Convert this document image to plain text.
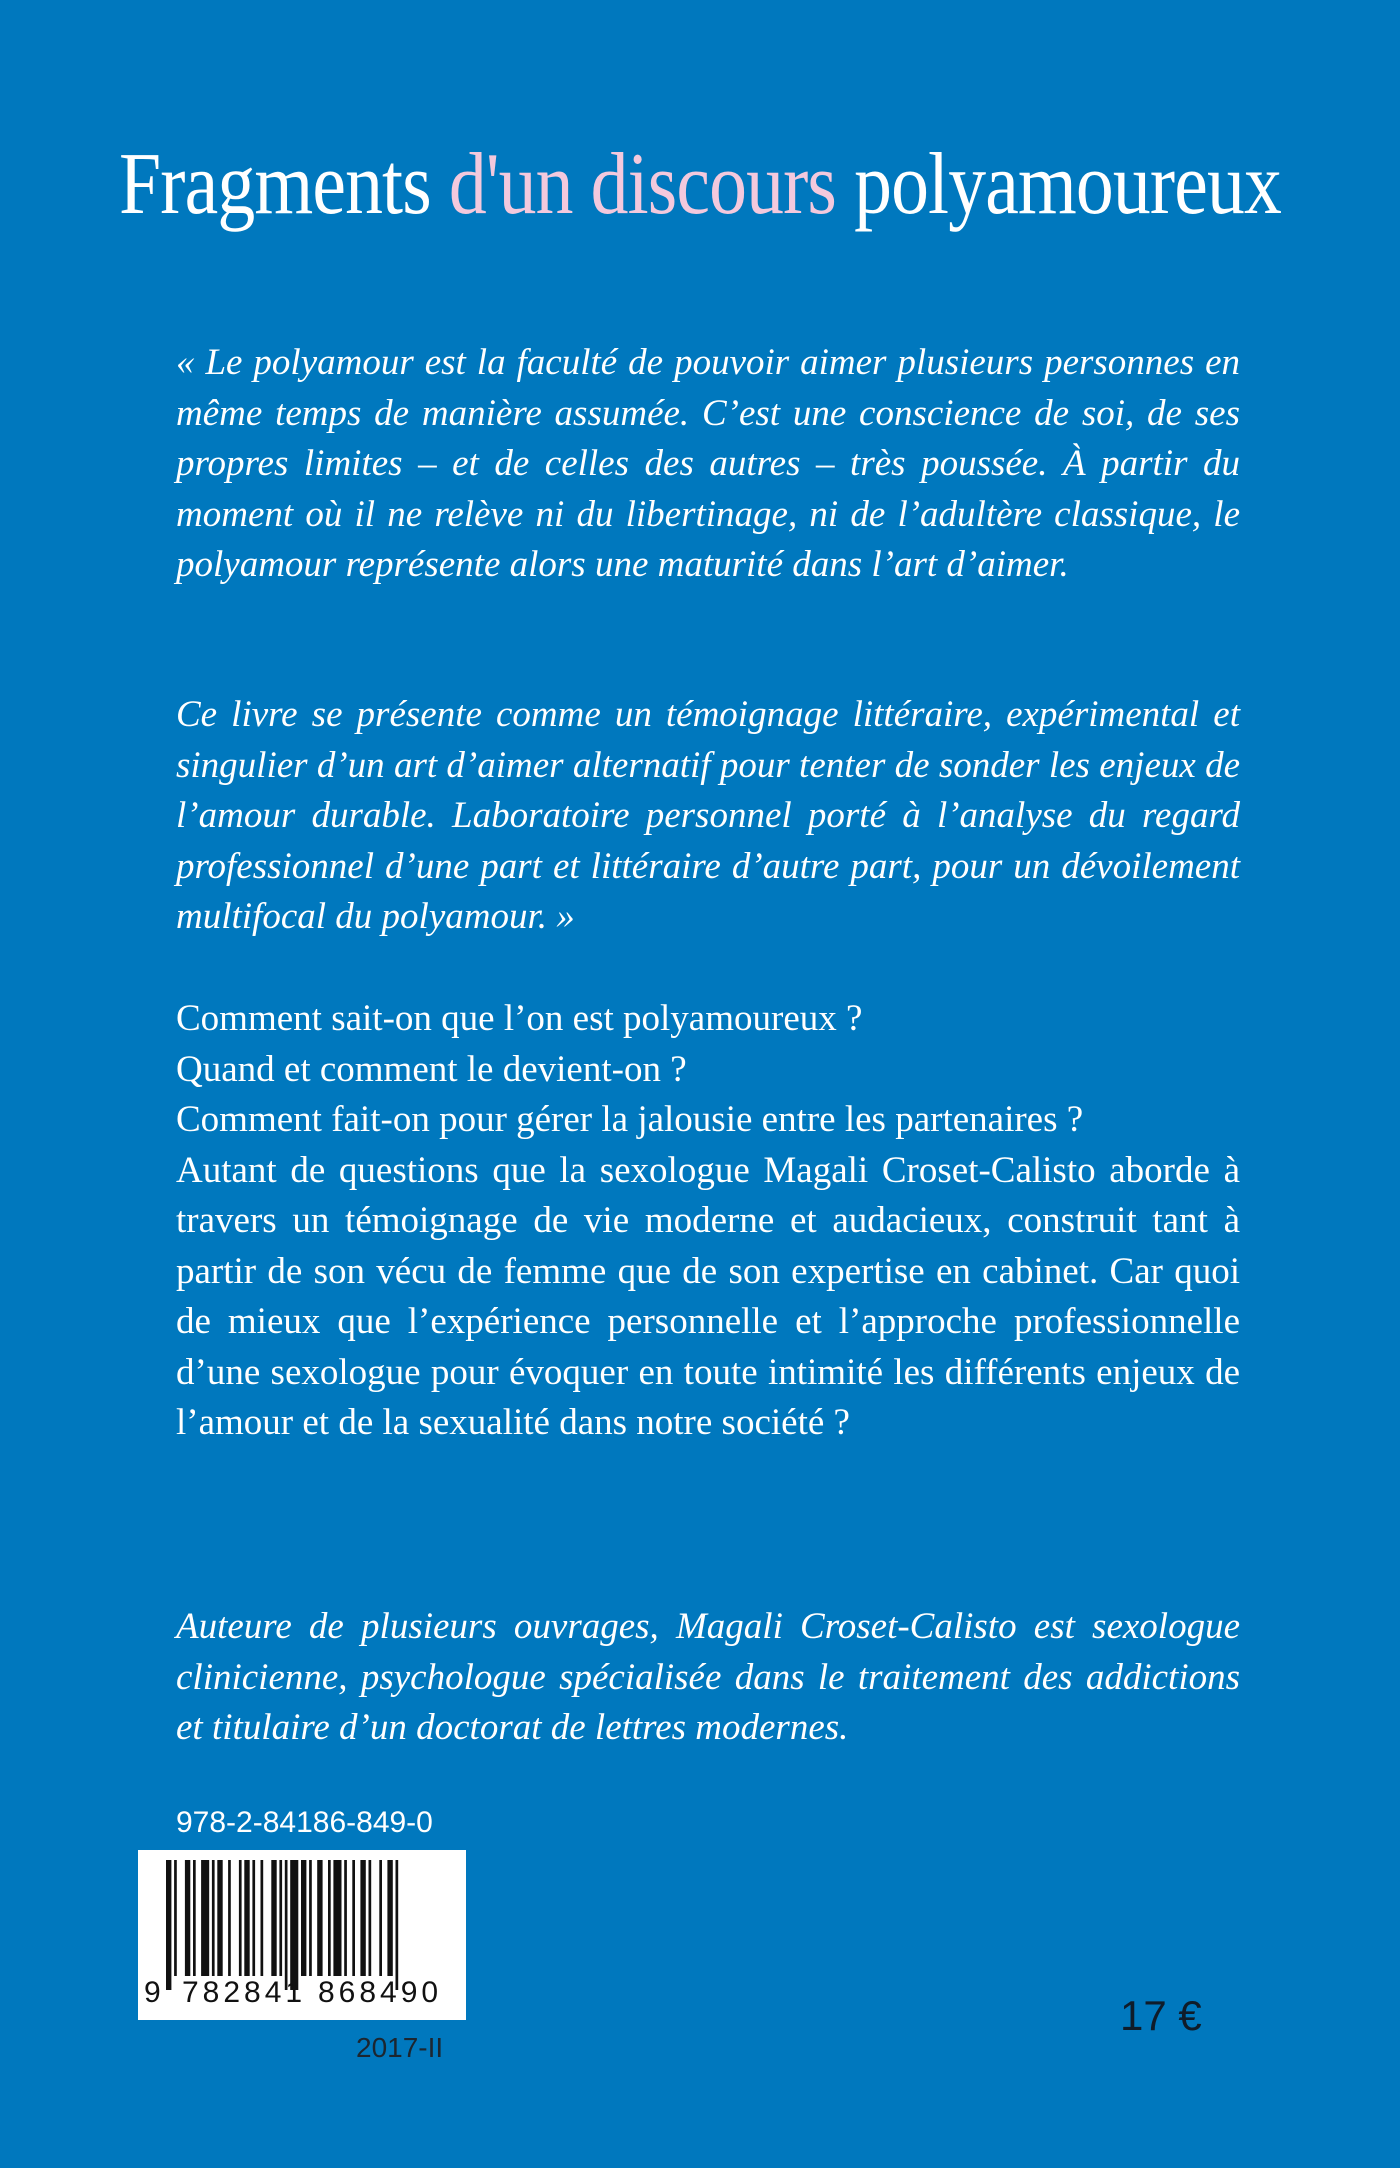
Fragments d'un discours polyamoureux

« Le polyamour est la faculté de pouvoir aimer plusieurs personnes en même temps de manière assumée. C’est une conscience de soi, de ses propres limites – et de celles des autres – très poussée. À partir du moment où il ne relève ni du libertinage, ni de l’adultère classique, le polyamour représente alors une maturité dans l’art d’aimer.

Ce livre se présente comme un témoignage littéraire, expérimental et singulier d’un art d’aimer alternatif pour tenter de sonder les enjeux de l’amour durable. Laboratoire personnel porté à l’analyse du regard professionnel d’une part et littéraire d’autre part, pour un dévoilement multifocal du polyamour. »

Comment sait-on que l’on est polyamoureux ?
Quand et comment le devient-on ?
Comment fait-on pour gérer la jalousie entre les partenaires ?

Autant de questions que la sexologue Magali Croset-Calisto aborde à travers un témoignage de vie moderne et audacieux, construit tant à partir de son vécu de femme que de son expertise en cabinet. Car quoi de mieux que l’expérience personnelle et l’approche professionnelle d’une sexologue pour évoquer en toute intimité les différents enjeux de l’amour et de la sexualité dans notre société ?

Auteure de plusieurs ouvrages, Magali Croset-Calisto est sexologue clinicienne, psychologue spécialisée dans le traitement des addictions et titulaire d’un doctorat de lettres modernes.

978-2-84186-849-0
9 782841 868490
2017-II
17 €
